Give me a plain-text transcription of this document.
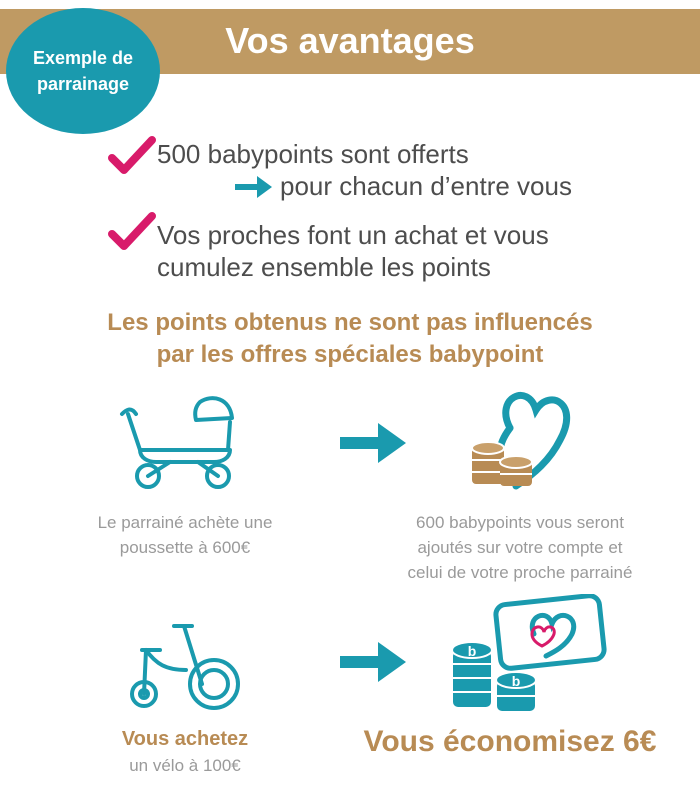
Vos avantages
Exemple de
parrainage
500 babypoints sont offerts
pour chacun d’entre vous
Vos proches font un achat et vous
cumulez ensemble les points
Les points obtenus ne sont pas influencés
par les offres spéciales babypoint
Le parrainé achète une
poussette à 600€
600 babypoints vous seront
ajoutés sur votre compte et
celui de votre proche parrainé
b
b
Vous achetez
un vélo à 100€
Vous économisez 6€
